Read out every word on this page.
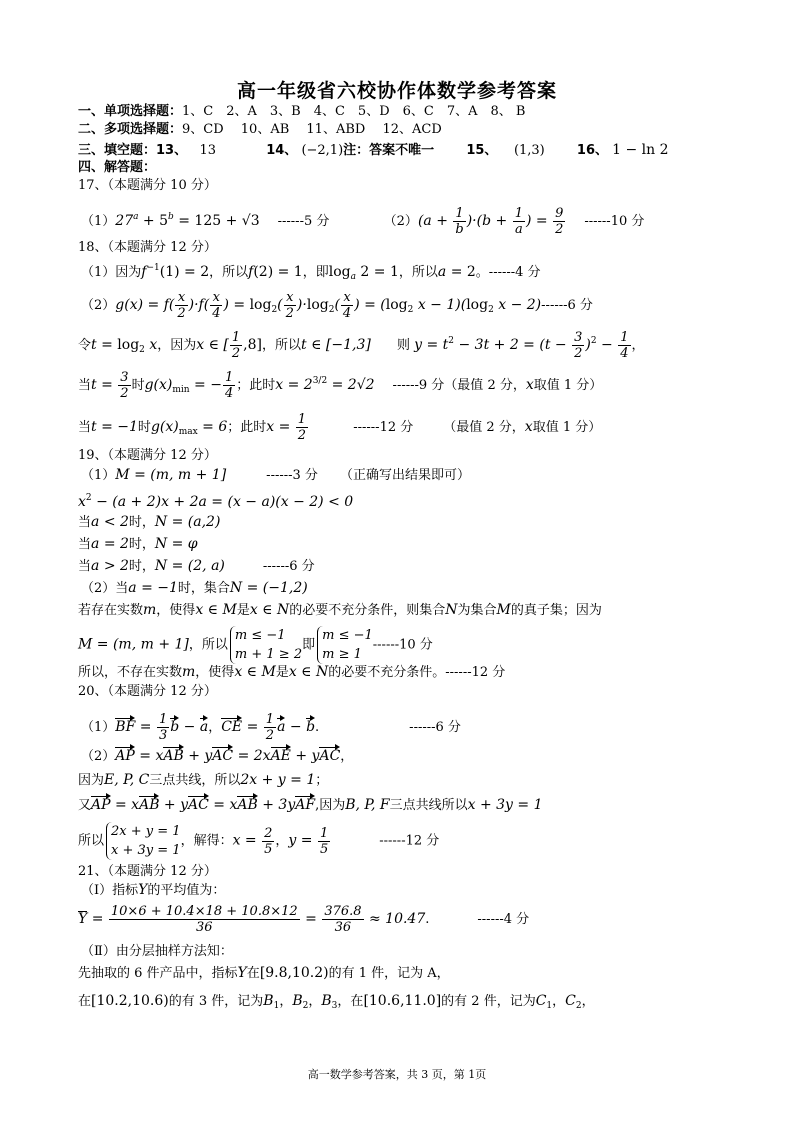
高一年级省六校协作体数学参考答案
一、单项选择题：1、C　2、A　3、B　4、C　5、D　6、C　7、A　8、 B
二、多项选择题：9、CD　 10、AB　 11、ABD　 12、ACD
三、填空题：13、 13	14、 (−2,1)注：答案不唯一 15、 (1,3) 16、 1 − ln 2
四、解答题：
17、（本题满分 10 分）
$(1)27^a + 5^b = 125 + √3$ ------5 分	$(2)(a + \frac{1}{b} )\cdot(b + \frac{1}{a}$ ) = $\frac{9}{2} ------10$ 分
18、（本题满分 12 分）
（1）因为$f^{-1}(1) = 2$，所以f(2) = 1，即$\log_a 2 = 1$，所以a = 2。------4 分
$(2)g(x) = f( \frac{x}{2} )\cdot f( \frac{x}{4}$ ) = $\log_2( \frac{x}{2} )\cdot\log_2( \frac{x}{4}$ ) = ($\log_2$ $x - 1)(\log_2$ x − 2)------6 分
令$t = \log_2 x$，因为x ∈ [ $\frac{1}{2} ,8$]，所以t ∈ [−1,3] 则 $y = t^2 - 3t + 2 = (t - \frac{3}{2} )^2 - \frac{1}{4}$ ，
当$t = \frac{3}{2}$ 时$g(x)_{min}$ = − $\frac{1}{4}$ ；此时$x = 2^{3/2} = 2√2$ ------9 分（最值 2 分，x取值 1 分）
当t = −1时$g(x)_{max} = 6$；此时$x = \frac{1}{2}$	------12 分 （最值 2 分，x取值 1 分）
19、（本题满分 12 分）
（1）M = (m, m + 1]	------3 分 （正确写出结果即可）
$x^2 - (a + 2)x + 2a = (x - a)(x - 2) < 0$
当a < 2时，N = (a,2)
当a = 2时，N = φ
当a > 2时，N = (2, a)	------6 分
（2）当a = −1时，集合N = (−1,2)
若存在实数m，使得x ∈ M是x ∈ N的必要不充分条件，则集合N为集合M的真子集；因为
M = (m, m + 1]，所以
m ≤ −1
m + 1 ≥ 2
即
m ≤ −1
m ≥ 1
------10 分
所以，不存在实数m，使得x ∈ M是x ∈ N的必要不充分条件。------12 分
20、（本题满分 12 分）
$(1)BF = \frac{1}{3}$ b − a，CE = $\frac{1}{2}$ a − b.	------6 分
（2）AP = xAB + yAC = 2xAE + yAC，
因为E, P, C三点共线，所以2x + y = 1；
又AP = xAB + yAC = xAB + 3yAF,因为B, P, F三点共线所以x + 3y = 1
所以
2x + y = 1
x + 3y = 1
，解得：$x = \frac{2}{5}$ ，$y = \frac{1}{5}$	------12 分
21、（本题满分 12 分）
（Ⅰ）指标Y的平均值为：
$Y = \frac{10\times 6 + 10.4\times 18 + 10.8\times 12}{36} = \frac{376.8}{36} \approx 10.47$.	------4 分
（Ⅱ）由分层抽样方法知：
先抽取的 6 件产品中，指标Y在[9.8,10.2)的有 1 件，记为 A，
在[10.2,10.6)的有 3 件，记为$B_1$，$B_2$，$B_3$，在[10.6,11.0]的有 2 件，记为$C_1$，$C_2$，
高一数学参考答案，共 3 页，第 1页
